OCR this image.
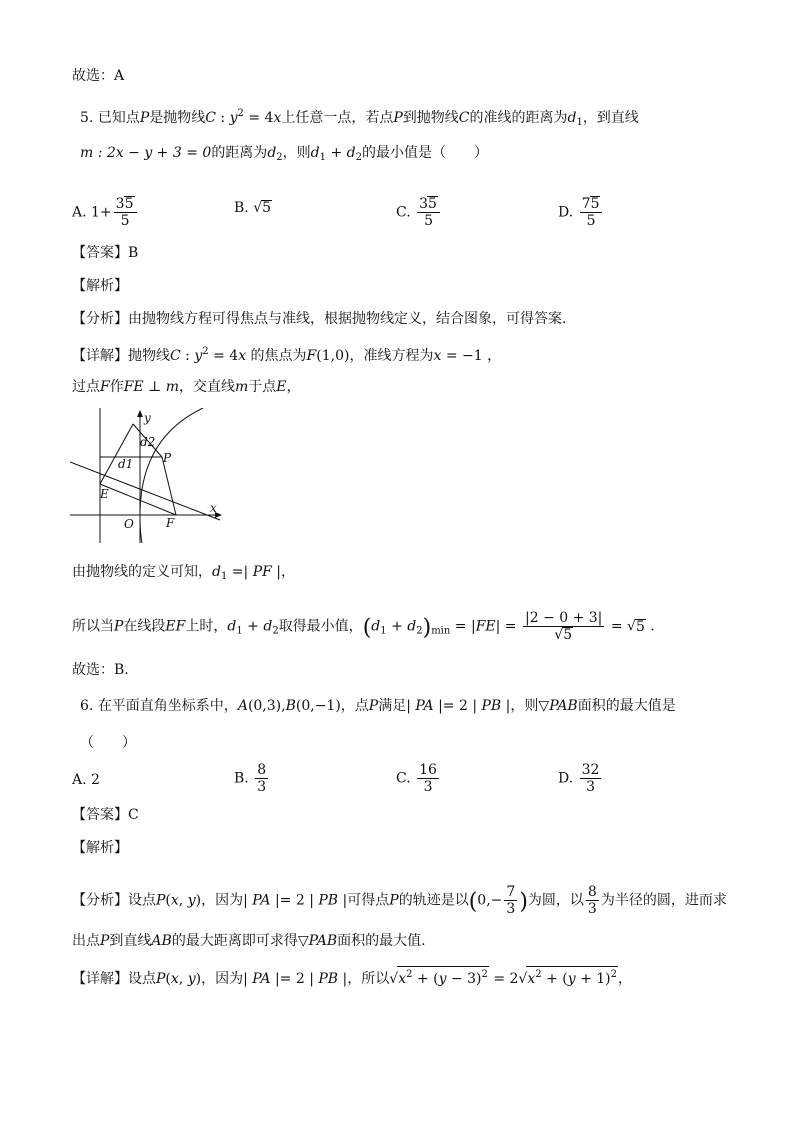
故选：A
5. 已知点P是抛物线C : $y^2 = 4x$上任意一点，若点P到抛物线C的准线的距离为$d_1$，到直线
m : 2x − y + 3 = 0的距离为$d_2$，则$d_1 + d_2$的最小值是（　　）
A. $1+ \frac{35}{5}$	B. √5	C. $\frac{35}{5}$	D. $\frac{75}{5}$
【答案】B
【解析】
【分析】由抛物线方程可得焦点与准线，根据抛物线定义，结合图象，可得答案.
【详解】抛物线C : $y^2 = 4x$ 的焦点为F(1,0)，准线方程为x = −1 ，
过点F作FE ⊥ m，交直线m于点E，
y
x
O	F
E
P
d1
d2
由抛物线的定义可知，$d_1$ =| PF |，
所以当P在线段EF上时，$d_1 + d_2$取得最小值，$(d_1 + d_2)_{min} = |FE| = \frac{|2 - 0 + 3|}{√5} = √5$ .
故选：B.
6. 在平面直角坐标系中，A(0,3),B(0,−1)，点P满足| PA |= 2 | PB |，则▽PAB面积的最大值是
（　　）
A. 2	B. $\frac{8}{3}$	C. $\frac{16}{3}$	D. $\frac{32}{3}$
【答案】C
【解析】
【分析】设点P(x, y)，因为| PA |= 2 | PB |可得点P的轨迹是以($0,- \frac{7}{3}$ )为圆，以 $\frac{8}{3}$ 为半径的圆，进而求
出点P到直线AB的最大距离即可求得▽PAB面积的最大值.
【详解】设点P(x, y)，因为| PA |= 2 | PB |，所以$√x^2 + (y - 3)^2 = 2√x^2 + (y + 1)^2$，
